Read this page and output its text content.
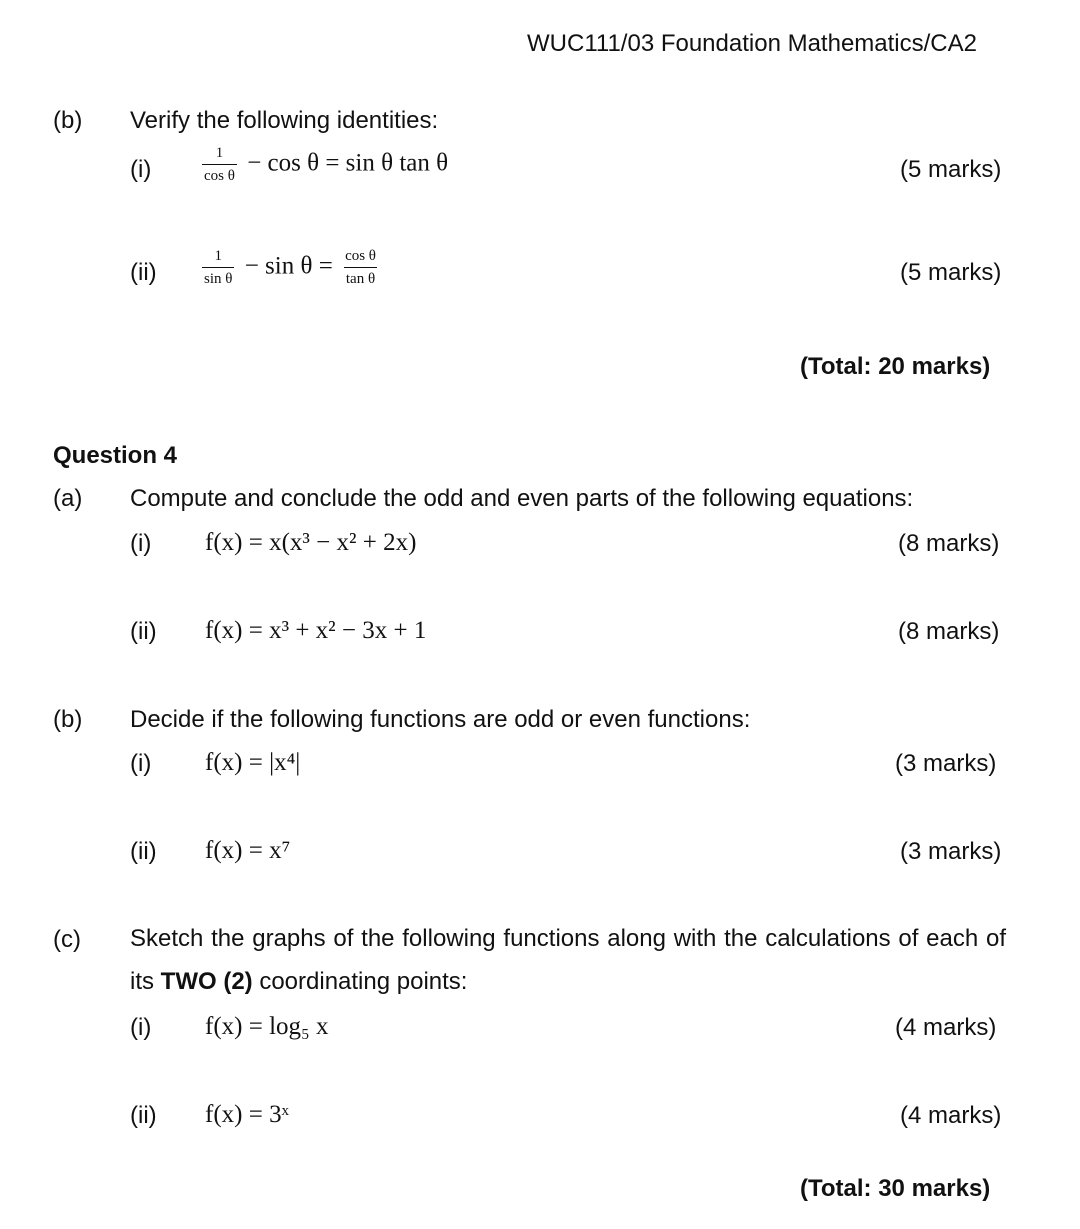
WUC111/03 Foundation Mathematics/CA2
(b) Verify the following identities:
(i)	$\frac{1}{\text{cos θ}} - \cos \theta = \sin \theta$ tan θ	(5 marks)
(ii)	$\frac{1}{\text{sin θ}} - \sin \theta = \frac{\text{cos θ}}{\text{tan θ}}$	(5 marks)
(Total: 20 marks)
Question 4
(a) Compute and conclude the odd and even parts of the following equations:
(i) f(x) = x(x³ − x² + 2x)	(8 marks)
(ii) f(x) = x³ + x² − 3x + 1	(8 marks)
(b) Decide if the following functions are odd or even functions:
(i) f(x) = |x⁴|	(3 marks)
(ii) f(x) = x⁷	(3 marks)
(c) Sketch the graphs of the following functions along with the calculations of each of its TWO (2) coordinating points:
(i) f(x) = log₅ x	(4 marks)
(ii) f(x) = 3ˣ	(4 marks)
(Total: 30 marks)
